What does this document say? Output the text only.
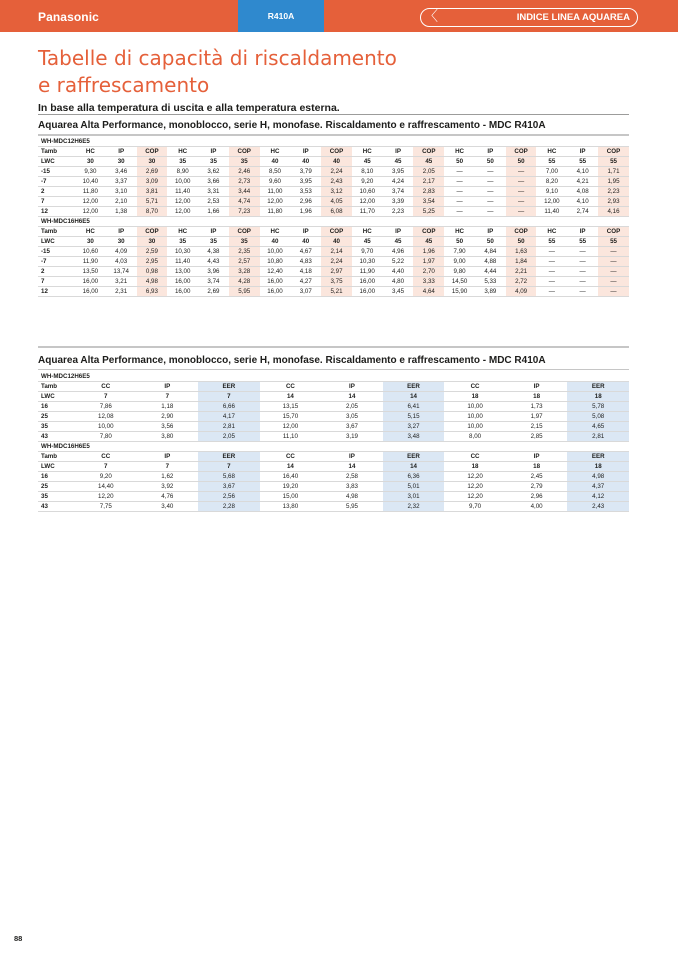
Panasonic	R410A	〈	INDICE LINEA AQUAREA
Tabelle di capacità di riscaldamento
e raffrescamento
In base alla temperatura di uscita e alla temperatura esterna.
Aquarea Alta Performance, monoblocco, serie H, monofase. Riscaldamento e raffrescamento - MDC R410A
WH-MDC12H6E5																		
Tamb	HC	IP	COP	HC	IP	COP	HC	IP	COP	HC	IP	COP	HC	IP	COP	HC	IP	COP
LWC	30	30	30	35	35	35	40	40	40	45	45	45	50	50	50	55	55	55
-15	9,30	3,46	2,69	8,90	3,62	2,46	8,50	3,79	2,24	8,10	3,95	2,05	—	—	—	7,00	4,10	1,71
-7	10,40	3,37	3,09	10,00	3,66	2,73	9,60	3,95	2,43	9,20	4,24	2,17	—	—	—	8,20	4,21	1,95
2	11,80	3,10	3,81	11,40	3,31	3,44	11,00	3,53	3,12	10,60	3,74	2,83	—	—	—	9,10	4,08	2,23
7	12,00	2,10	5,71	12,00	2,53	4,74	12,00	2,96	4,05	12,00	3,39	3,54	—	—	—	12,00	4,10	2,93
12	12,00	1,38	8,70	12,00	1,66	7,23	11,80	1,96	6,08	11,70	2,23	5,25	—	—	—	11,40	2,74	4,16
WH-MDC16H6E5																		
Tamb	HC	IP	COP	HC	IP	COP	HC	IP	COP	HC	IP	COP	HC	IP	COP	HC	IP	COP
LWC	30	30	30	35	35	35	40	40	40	45	45	45	50	50	50	55	55	55
-15	10,60	4,09	2,59	10,30	4,38	2,35	10,00	4,67	2,14	9,70	4,96	1,96	7,90	4,84	1,63	—	—	—
-7	11,90	4,03	2,95	11,40	4,43	2,57	10,80	4,83	2,24	10,30	5,22	1,97	9,00	4,88	1,84	—	—	—
2	13,50	13,74	0,98	13,00	3,96	3,28	12,40	4,18	2,97	11,90	4,40	2,70	9,80	4,44	2,21	—	—	—
7	16,00	3,21	4,98	16,00	3,74	4,28	16,00	4,27	3,75	16,00	4,80	3,33	14,50	5,33	2,72	—	—	—
12	16,00	2,31	6,93	16,00	2,69	5,95	16,00	3,07	5,21	16,00	3,45	4,64	15,90	3,89	4,09	—	—	—
Aquarea Alta Performance, monoblocco, serie H, monofase. Riscaldamento e raffrescamento - MDC R410A
WH-MDC12H6E5									
Tamb	CC	IP	EER	CC	IP	EER	CC	IP	EER
LWC	7	7	7	14	14	14	18	18	18
16	7,86	1,18	6,66	13,15	2,05	6,41	10,00	1,73	5,78
25	12,08	2,90	4,17	15,70	3,05	5,15	10,00	1,97	5,08
35	10,00	3,56	2,81	12,00	3,67	3,27	10,00	2,15	4,65
43	7,80	3,80	2,05	11,10	3,19	3,48	8,00	2,85	2,81
WH-MDC16H6E5									
Tamb	CC	IP	EER	CC	IP	EER	CC	IP	EER
LWC	7	7	7	14	14	14	18	18	18
16	9,20	1,62	5,68	16,40	2,58	6,36	12,20	2,45	4,98
25	14,40	3,92	3,67	19,20	3,83	5,01	12,20	2,79	4,37
35	12,20	4,76	2,56	15,00	4,98	3,01	12,20	2,96	4,12
43	7,75	3,40	2,28	13,80	5,95	2,32	9,70	4,00	2,43
88
